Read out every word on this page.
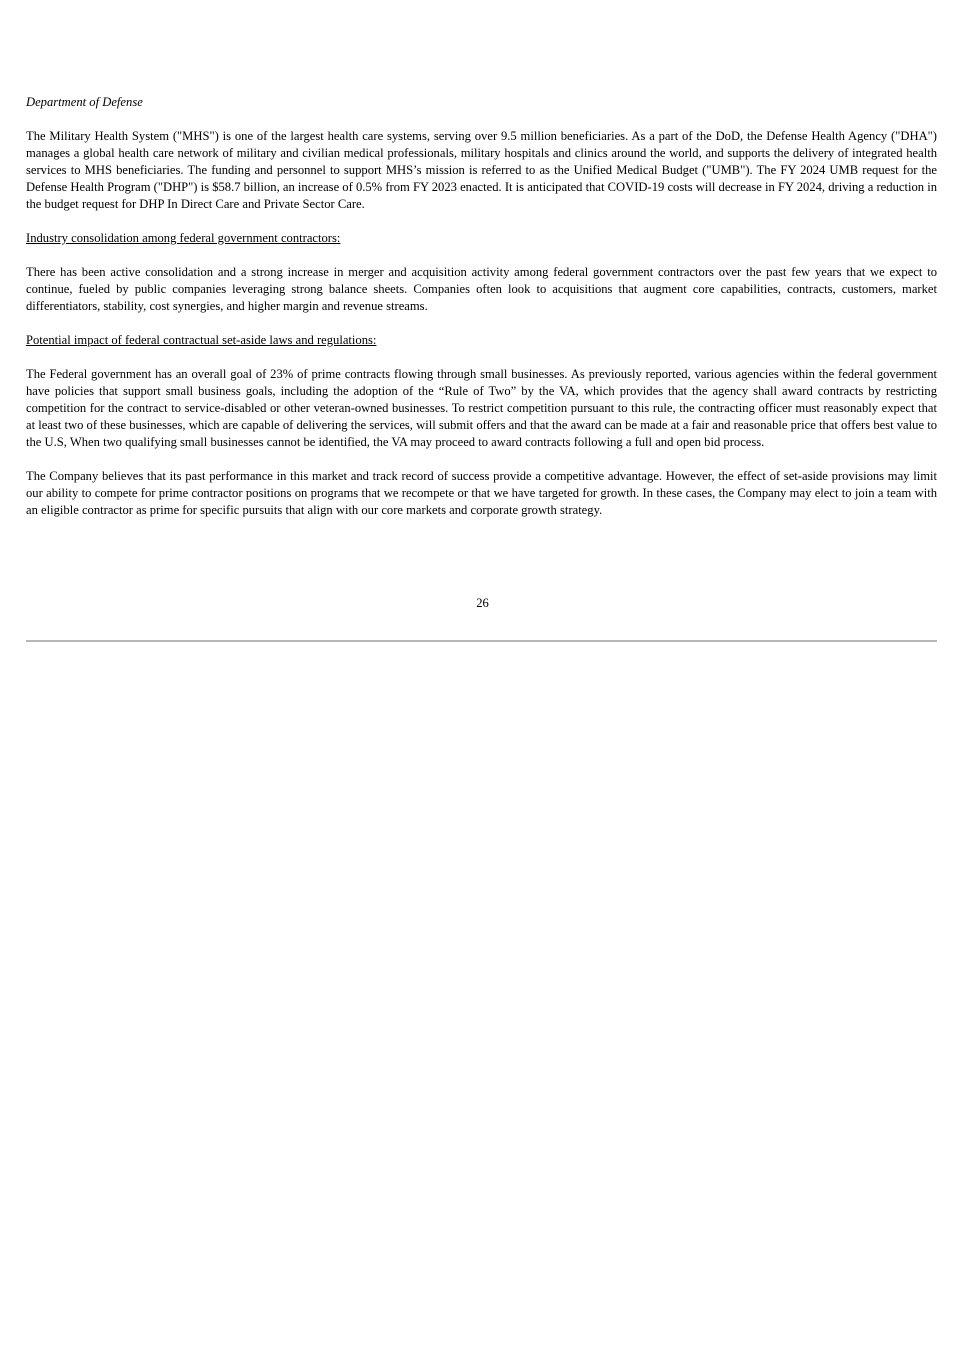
Department of Defense

The Military Health System ("MHS") is one of the largest health care systems, serving over 9.5 million beneficiaries. As a part of the DoD, the Defense Health Agency ("DHA") manages a global health care network of military and civilian medical professionals, military hospitals and clinics around the world, and supports the delivery of integrated health services to MHS beneficiaries. The funding and personnel to support MHS’s mission is referred to as the Unified Medical Budget ("UMB"). The FY 2024 UMB request for the Defense Health Program ("DHP") is $58.7 billion, an increase of 0.5% from FY 2023 enacted. It is anticipated that COVID-19 costs will decrease in FY 2024, driving a reduction in the budget request for DHP In Direct Care and Private Sector Care.

Industry consolidation among federal government contractors:

There has been active consolidation and a strong increase in merger and acquisition activity among federal government contractors over the past few years that we expect to continue, fueled by public companies leveraging strong balance sheets. Companies often look to acquisitions that augment core capabilities, contracts, customers, market differentiators, stability, cost synergies, and higher margin and revenue streams.

Potential impact of federal contractual set-aside laws and regulations:

The Federal government has an overall goal of 23% of prime contracts flowing through small businesses. As previously reported, various agencies within the federal government have policies that support small business goals, including the adoption of the “Rule of Two” by the VA, which provides that the agency shall award contracts by restricting competition for the contract to service-disabled or other veteran-owned businesses. To restrict competition pursuant to this rule, the contracting officer must reasonably expect that at least two of these businesses, which are capable of delivering the services, will submit offers and that the award can be made at a fair and reasonable price that offers best value to the U.S, When two qualifying small businesses cannot be identified, the VA may proceed to award contracts following a full and open bid process.

The Company believes that its past performance in this market and track record of success provide a competitive advantage. However, the effect of set-aside provisions may limit our ability to compete for prime contractor positions on programs that we recompete or that we have targeted for growth. In these cases, the Company may elect to join a team with an eligible contractor as prime for specific pursuits that align with our core markets and corporate growth strategy.

26
